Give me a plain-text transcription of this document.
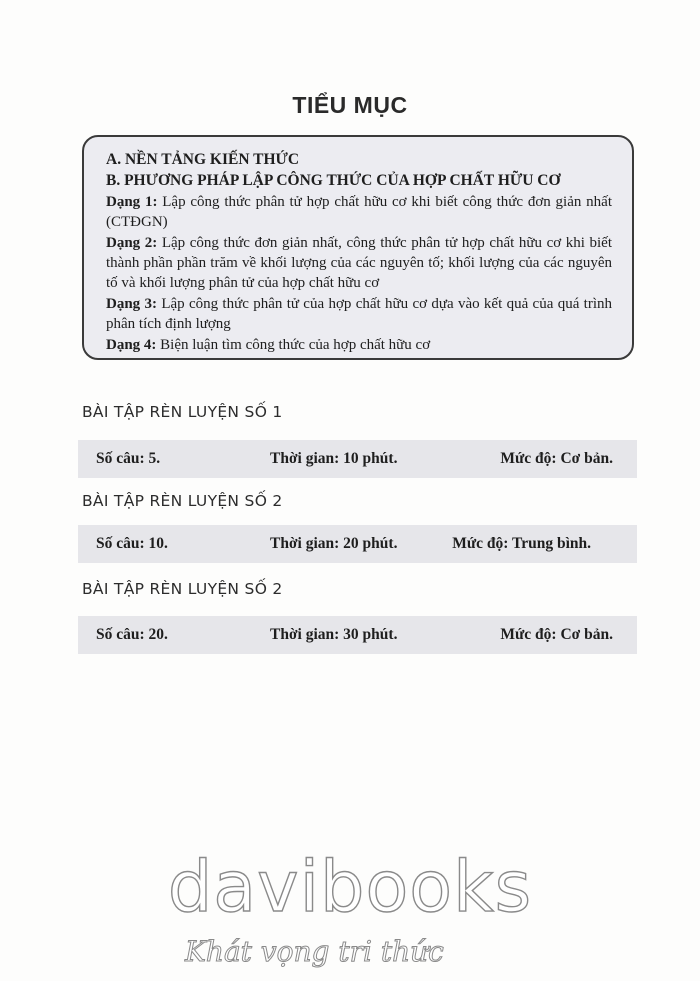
TIỂU MỤC

A. NỀN TẢNG KIẾN THỨC

B. PHƯƠNG PHÁP LẬP CÔNG THỨC CỦA HỢP CHẤT HỮU CƠ

Dạng 1: Lập công thức phân tử hợp chất hữu cơ khi biết công thức đơn giản nhất (CTĐGN)
Dạng 2: Lập công thức đơn giản nhất, công thức phân tử hợp chất hữu cơ khi biết thành phần phần trăm về khối lượng của các nguyên tố; khối lượng của các nguyên tố và khối lượng phân tử của hợp chất hữu cơ
Dạng 3: Lập công thức phân tử của hợp chất hữu cơ dựa vào kết quả của quá trình phân tích định lượng
Dạng 4: Biện luận tìm công thức của hợp chất hữu cơ
BÀI TẬP RÈN LUYỆN SỐ 1
Số câu: 5.	Thời gian: 10 phút.	Mức độ: Cơ bản.
BÀI TẬP RÈN LUYỆN SỐ 2
Số câu: 10.	Thời gian: 20 phút.	Mức độ: Trung bình.
BÀI TẬP RÈN LUYỆN SỐ 2
Số câu: 20.	Thời gian: 30 phút.	Mức độ: Cơ bản.
davibooks
Khát vọng tri thức
